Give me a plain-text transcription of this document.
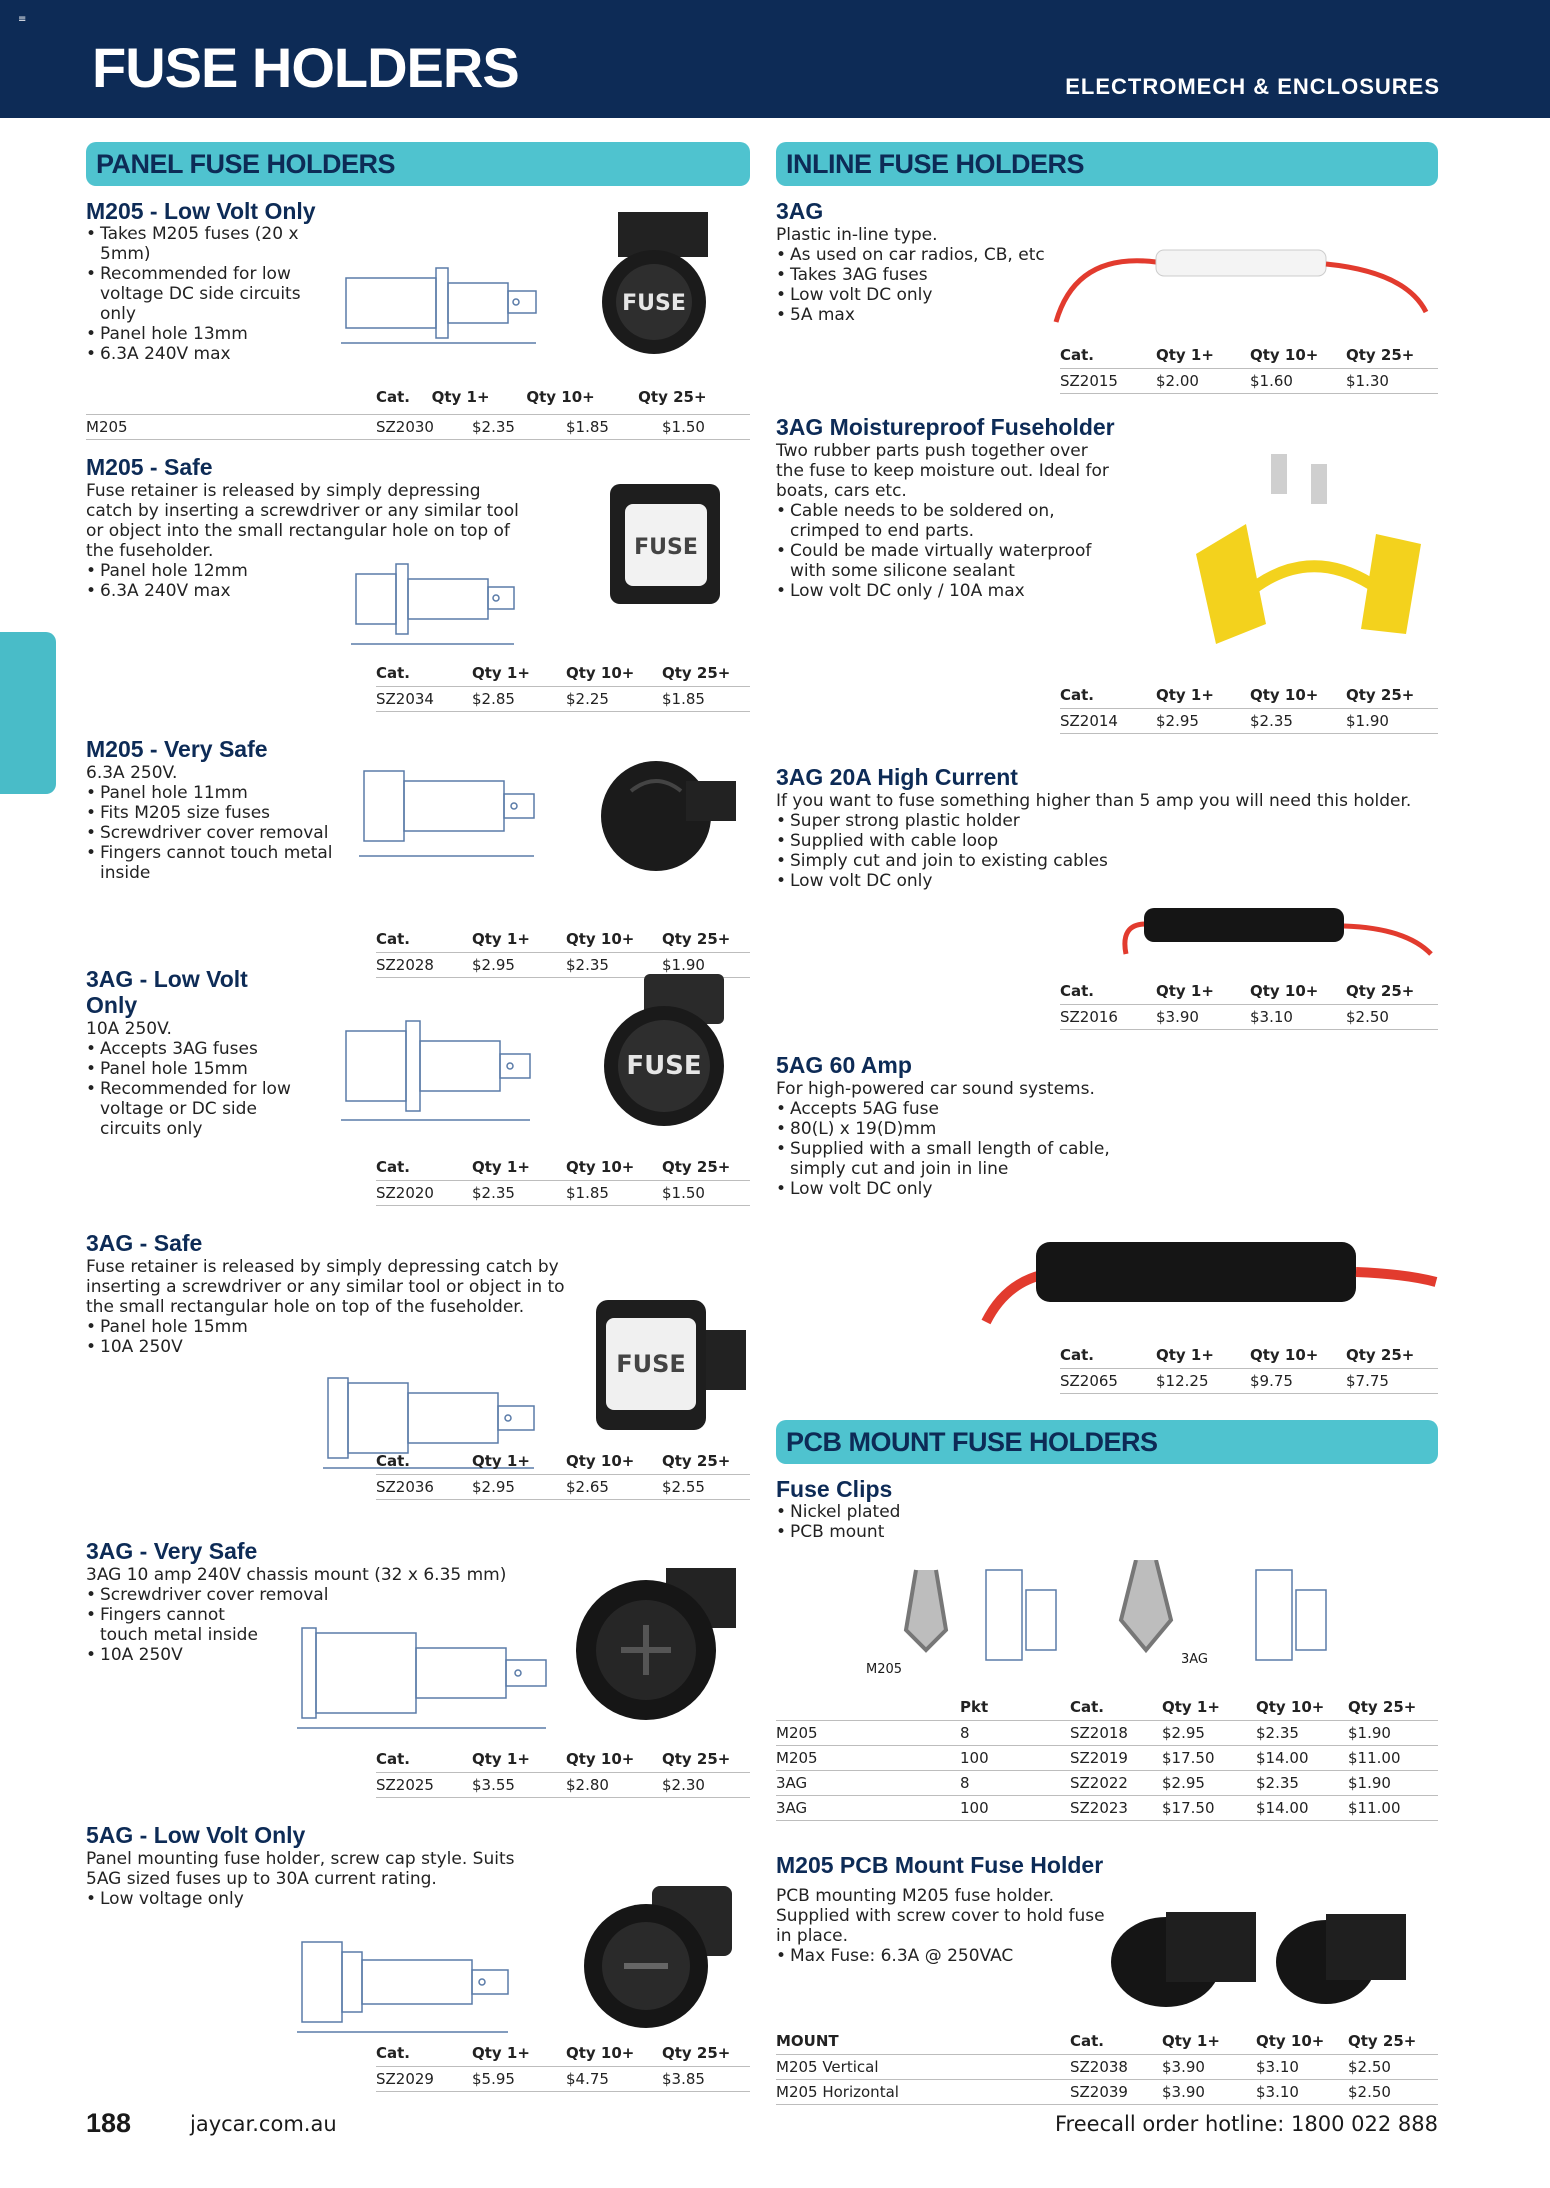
≡
FUSE HOLDERS	ELECTROMECH & ENCLOSURES
PANEL FUSE HOLDERS
M205 - Low Volt Only
• Takes M205 fuses (20 x 5mm)
• Recommended for low voltage DC side circuits only
• Panel hole 13mm
• 6.3A 240V max
FUSE
Cat.	Qty 1+	Qty 10+	Qty 25+
M205	SZ2030	$2.35	$1.85	$1.50
M205 - Safe
Fuse retainer is released by simply depressing catch by inserting a screwdriver or any similar tool or object into the small rectangular hole on top of the fuseholder.
• Panel hole 12mm
• 6.3A 240V max
FUSE
Cat.	Qty 1+	Qty 10+	Qty 25+
SZ2034	$2.85	$2.25	$1.85
M205 - Very Safe
6.3A 250V.
• Panel hole 11mm
• Fits M205 size fuses
• Screwdriver cover removal
• Fingers cannot touch metal inside
Cat.	Qty 1+	Qty 10+	Qty 25+
SZ2028	$2.95	$2.35	$1.90
3AG - Low Volt Only
10A 250V.
• Accepts 3AG fuses
• Panel hole 15mm
• Recommended for low voltage or DC side circuits only
FUSE
Cat.	Qty 1+	Qty 10+	Qty 25+
SZ2020	$2.35	$1.85	$1.50
3AG - Safe
Fuse retainer is released by simply depressing catch by inserting a screwdriver or any similar tool or object in to the small rectangular hole on top of the fuseholder.
• Panel hole 15mm
• 10A 250V
FUSE
Cat.	Qty 1+	Qty 10+	Qty 25+
SZ2036	$2.95	$2.65	$2.55
3AG - Very Safe
3AG 10 amp 240V chassis mount (32 x 6.35 mm)
• Screwdriver cover removal
• Fingers cannot touch metal inside
• 10A 250V
Cat.	Qty 1+	Qty 10+	Qty 25+
SZ2025	$3.55	$2.80	$2.30
5AG - Low Volt Only
Panel mounting fuse holder, screw cap style. Suits 5AG sized fuses up to 30A current rating.
• Low voltage only
Cat.	Qty 1+	Qty 10+	Qty 25+
SZ2029	$5.95	$4.75	$3.85
INLINE FUSE HOLDERS
3AG
Plastic in-line type.
• As used on car radios, CB, etc
• Takes 3AG fuses
• Low volt DC only
• 5A max
Cat.	Qty 1+	Qty 10+	Qty 25+
SZ2015	$2.00	$1.60	$1.30
3AG Moistureproof Fuseholder
Two rubber parts push together over the fuse to keep moisture out. Ideal for boats, cars etc.
• Cable needs to be soldered on, crimped to end parts.
• Could be made virtually waterproof with some silicone sealant
• Low volt DC only / 10A max
Cat.	Qty 1+	Qty 10+	Qty 25+
SZ2014	$2.95	$2.35	$1.90
3AG 20A High Current
If you want to fuse something higher than 5 amp you will need this holder.
• Super strong plastic holder
• Supplied with cable loop
• Simply cut and join to existing cables
• Low volt DC only
Cat.	Qty 1+	Qty 10+	Qty 25+
SZ2016	$3.90	$3.10	$2.50
5AG 60 Amp
For high-powered car sound systems.
• Accepts 5AG fuse
• 80(L) x 19(D)mm
• Supplied with a small length of cable, simply cut and join in line
• Low volt DC only
Cat.	Qty 1+	Qty 10+	Qty 25+
SZ2065	$12.25	$9.75	$7.75
PCB MOUNT FUSE HOLDERS
Fuse Clips
• Nickel plated
• PCB mount
M205
3AG
	Pkt	Cat.	Qty 1+	Qty 10+	Qty 25+
M205	8	SZ2018	$2.95	$2.35	$1.90
M205	100	SZ2019	$17.50	$14.00	$11.00
3AG	8	SZ2022	$2.95	$2.35	$1.90
3AG	100	SZ2023	$17.50	$14.00	$11.00
M205 PCB Mount Fuse Holder
PCB mounting M205 fuse holder. Supplied with screw cover to hold fuse in place.
• Max Fuse: 6.3A @ 250VAC
MOUNT	Cat.	Qty 1+	Qty 10+	Qty 25+
M205 Vertical	SZ2038	$3.90	$3.10	$2.50
M205 Horizontal	SZ2039	$3.90	$3.10	$2.50
188	jaycar.com.au	Freecall order hotline: 1800 022 888
